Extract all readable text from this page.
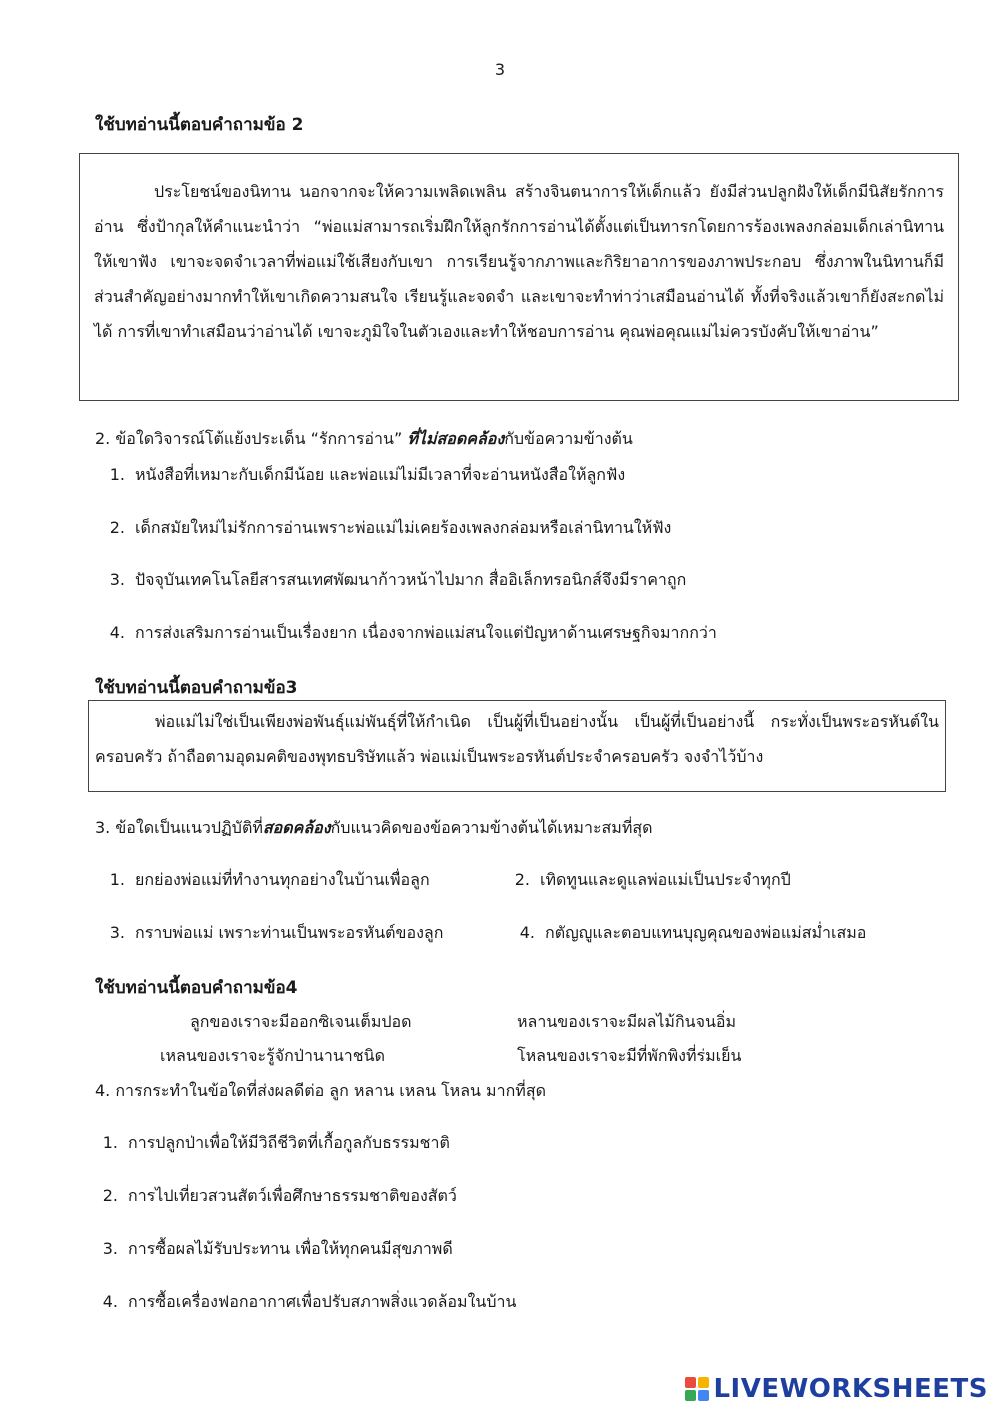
3
ใช้บทอ่านนี้ตอบคำถามข้อ 2
ประโยชน์ของนิทาน นอกจากจะให้ความเพลิดเพลิน สร้างจินตนาการให้เด็กแล้ว ยังมีส่วนปลูกฝังให้เด็กมีนิสัยรักการอ่าน ซึ่งป้ากุลให้คำแนะนำว่า “พ่อแม่สามารถเริ่มฝึกให้ลูกรักการอ่านได้ตั้งแต่เป็นทารกโดยการร้องเพลงกล่อมเด็กเล่านิทานให้เขาฟัง เขาจะจดจำเวลาที่พ่อแม่ใช้เสียงกับเขา การเรียนรู้จากภาพและกิริยาอาการของภาพประกอบ ซึ่งภาพในนิทานก็มีส่วนสำคัญอย่างมากทำให้เขาเกิดความสนใจ เรียนรู้และจดจำ และเขาจะทำท่าว่าเสมือนอ่านได้ ทั้งที่จริงแล้วเขาก็ยังสะกดไม่ได้ การที่เขาทำเสมือนว่าอ่านได้ เขาจะภูมิใจในตัวเองและทำให้ชอบการอ่าน คุณพ่อคุณแม่ไม่ควรบังคับให้เขาอ่าน”
2. ข้อใดวิจารณ์โต้แย้งประเด็น “รักการอ่าน” ที่ไม่สอดคล้องกับข้อความข้างต้น
1. หนังสือที่เหมาะกับเด็กมีน้อย และพ่อแม่ไม่มีเวลาที่จะอ่านหนังสือให้ลูกฟัง
2. เด็กสมัยใหม่ไม่รักการอ่านเพราะพ่อแม่ไม่เคยร้องเพลงกล่อมหรือเล่านิทานให้ฟัง
3. ปัจจุบันเทคโนโลยีสารสนเทศพัฒนาก้าวหน้าไปมาก สื่ออิเล็กทรอนิกส์จึงมีราคาถูก
4. การส่งเสริมการอ่านเป็นเรื่องยาก เนื่องจากพ่อแม่สนใจแต่ปัญหาด้านเศรษฐกิจมากกว่า
ใช้บทอ่านนี้ตอบคำถามข้อ3
พ่อแม่ไม่ใช่เป็นเพียงพ่อพันธุ์แม่พันธุ์ที่ให้กำเนิด เป็นผู้ที่เป็นอย่างนั้น เป็นผู้ที่เป็นอย่างนี้ กระทั่งเป็นพระอรหันต์ในครอบครัว ถ้าถือตามอุดมคติของพุทธบริษัทแล้ว พ่อแม่เป็นพระอรหันต์ประจำครอบครัว จงจำไว้บ้าง
3. ข้อใดเป็นแนวปฏิบัติที่สอดคล้องกับแนวคิดของข้อความข้างต้นได้เหมาะสมที่สุด
1. ยกย่องพ่อแม่ที่ทำงานทุกอย่างในบ้านเพื่อลูก	2. เทิดทูนและดูแลพ่อแม่เป็นประจำทุกปี
3. กราบพ่อแม่ เพราะท่านเป็นพระอรหันต์ของลูก	4. กตัญญูและตอบแทนบุญคุณของพ่อแม่สม่ำเสมอ
ใช้บทอ่านนี้ตอบคำถามข้อ4
ลูกของเราจะมีออกซิเจนเต็มปอด	หลานของเราจะมีผลไม้กินจนอิ่ม
เหลนของเราจะรู้จักป่านานาชนิด	โหลนของเราจะมีที่พักพิงที่ร่มเย็น
4. การกระทำในข้อใดที่ส่งผลดีต่อ ลูก หลาน เหลน โหลน มากที่สุด
1. การปลูกป่าเพื่อให้มีวิถีชีวิตที่เกื้อกูลกับธรรมชาติ
2. การไปเที่ยวสวนสัตว์เพื่อศึกษาธรรมชาติของสัตว์
3. การซื้อผลไม้รับประทาน เพื่อให้ทุกคนมีสุขภาพดี
4. การซื้อเครื่องฟอกอากาศเพื่อปรับสภาพสิ่งแวดล้อมในบ้าน
LIVEWORKSHEETS
